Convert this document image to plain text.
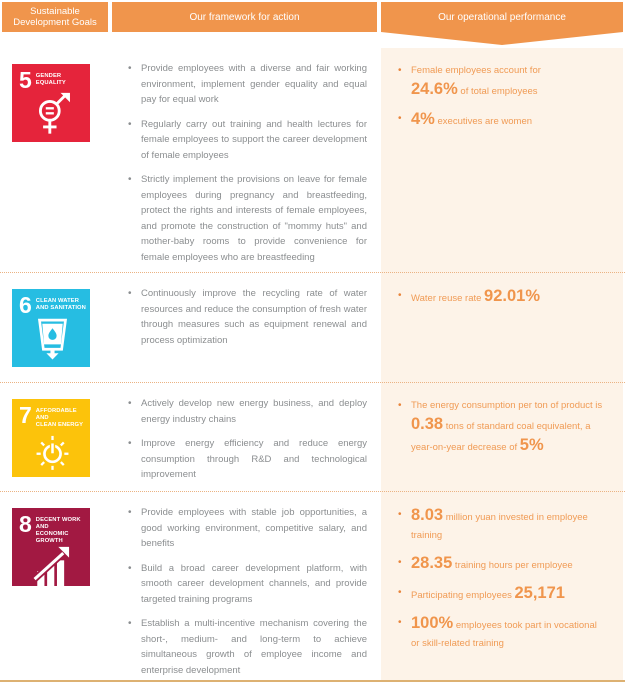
Sustainable Development Goals	Our framework for action	Our operational performance
5 GENDER
EQUALITY
• Provide employees with a diverse and fair working environment, implement gender equality and equal pay for equal work
• Regularly carry out training and health lectures for female employees to support the career development of female employees
• Strictly implement the provisions on leave for female employees during pregnancy and breastfeeding, protect the rights and interests of female employees, and promote the construction of "mommy huts" and mother-baby rooms to provide convenience for female employees who are breastfeeding
• Female employees account for
24.6% of total employees
• 4% executives are women
6 CLEAN WATER
AND SANITATION
• Continuously improve the recycling rate of water resources and reduce the consumption of fresh water through measures such as equipment renewal and process optimization
• Water reuse rate 92.01%
7 AFFORDABLE AND
CLEAN ENERGY
• Actively develop new energy business, and deploy energy industry chains
• Improve energy efficiency and reduce energy consumption through R&D and technological improvement
• The energy consumption per ton of product is 0.38 tons of standard coal equivalent, a year-on-year decrease of 5%
8 DECENT WORK AND
ECONOMIC GROWTH
• Provide employees with stable job opportunities, a good working environment, competitive salary, and benefits
• Build a broad career development platform, with smooth career development channels, and provide targeted training programs
• Establish a multi-incentive mechanism covering the short-, medium- and long-term to achieve simultaneous growth of employee income and enterprise development
• 8.03 million yuan invested in employee training
• 28.35 training hours per employee
• Participating employees 25,171
• 100% employees took part in vocational or skill-related training
